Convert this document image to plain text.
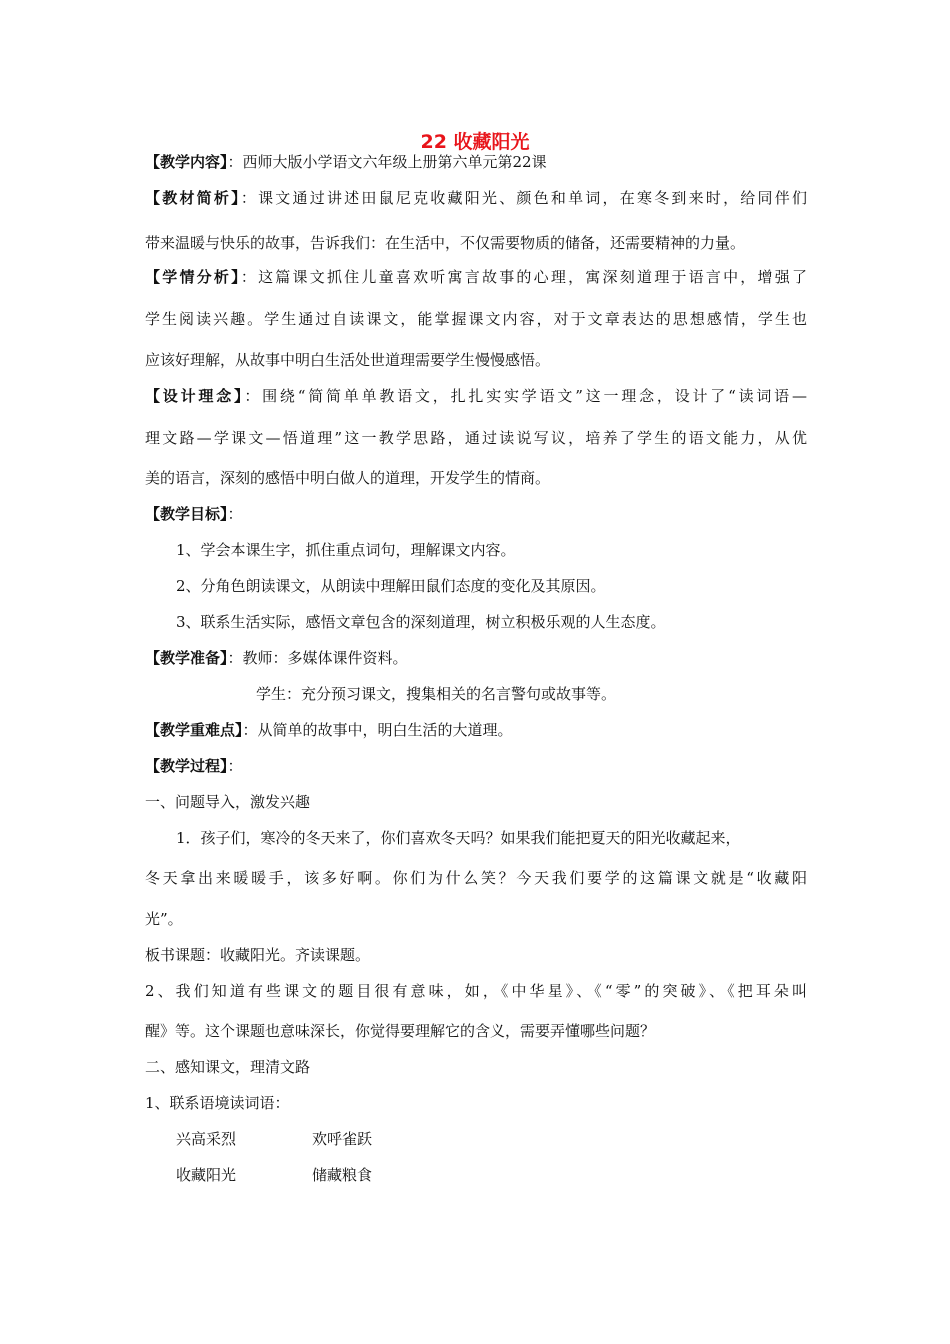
22 收藏阳光
【教学内容】：西师大版小学语文六年级上册第六单元第22课
【教材简析】：课文通过讲述田鼠尼克收藏阳光、颜色和单词，在寒冬到来时，给同伴们
带来温暖与快乐的故事，告诉我们：在生活中，不仅需要物质的储备，还需要精神的力量。
【学情分析】：这篇课文抓住儿童喜欢听寓言故事的心理，寓深刻道理于语言中，增强了
学生阅读兴趣。学生通过自读课文，能掌握课文内容，对于文章表达的思想感情，学生也
应该好理解，从故事中明白生活处世道理需要学生慢慢感悟。
【设计理念】：围绕“简简单单教语文，扎扎实实学语文”这一理念，设计了“读词语—
理文路—学课文—悟道理”这一教学思路，通过读说写议，培养了学生的语文能力，从优
美的语言，深刻的感悟中明白做人的道理，开发学生的情商。
【教学目标】：
1、学会本课生字，抓住重点词句，理解课文内容。
2、分角色朗读课文，从朗读中理解田鼠们态度的变化及其原因。
3、联系生活实际，感悟文章包含的深刻道理，树立积极乐观的人生态度。
【教学准备】：教师：多媒体课件资料。
学生：充分预习课文，搜集相关的名言警句或故事等。
【教学重难点】：从简单的故事中，明白生活的大道理。
【教学过程】：
一、问题导入，激发兴趣
1．孩子们，寒冷的冬天来了，你们喜欢冬天吗？如果我们能把夏天的阳光收藏起来，
冬天拿出来暖暖手，该多好啊。你们为什么笑？今天我们要学的这篇课文就是“收藏阳
光”。
板书课题：收藏阳光。齐读课题。
2、我们知道有些课文的题目很有意味，如，《中华星》、《“零”的突破》、《把耳朵叫
醒》等。这个课题也意味深长，你觉得要理解它的含义，需要弄懂哪些问题？
二、感知课文，理清文路
1、联系语境读词语：
兴高采烈	欢呼雀跃
收藏阳光	储藏粮食
